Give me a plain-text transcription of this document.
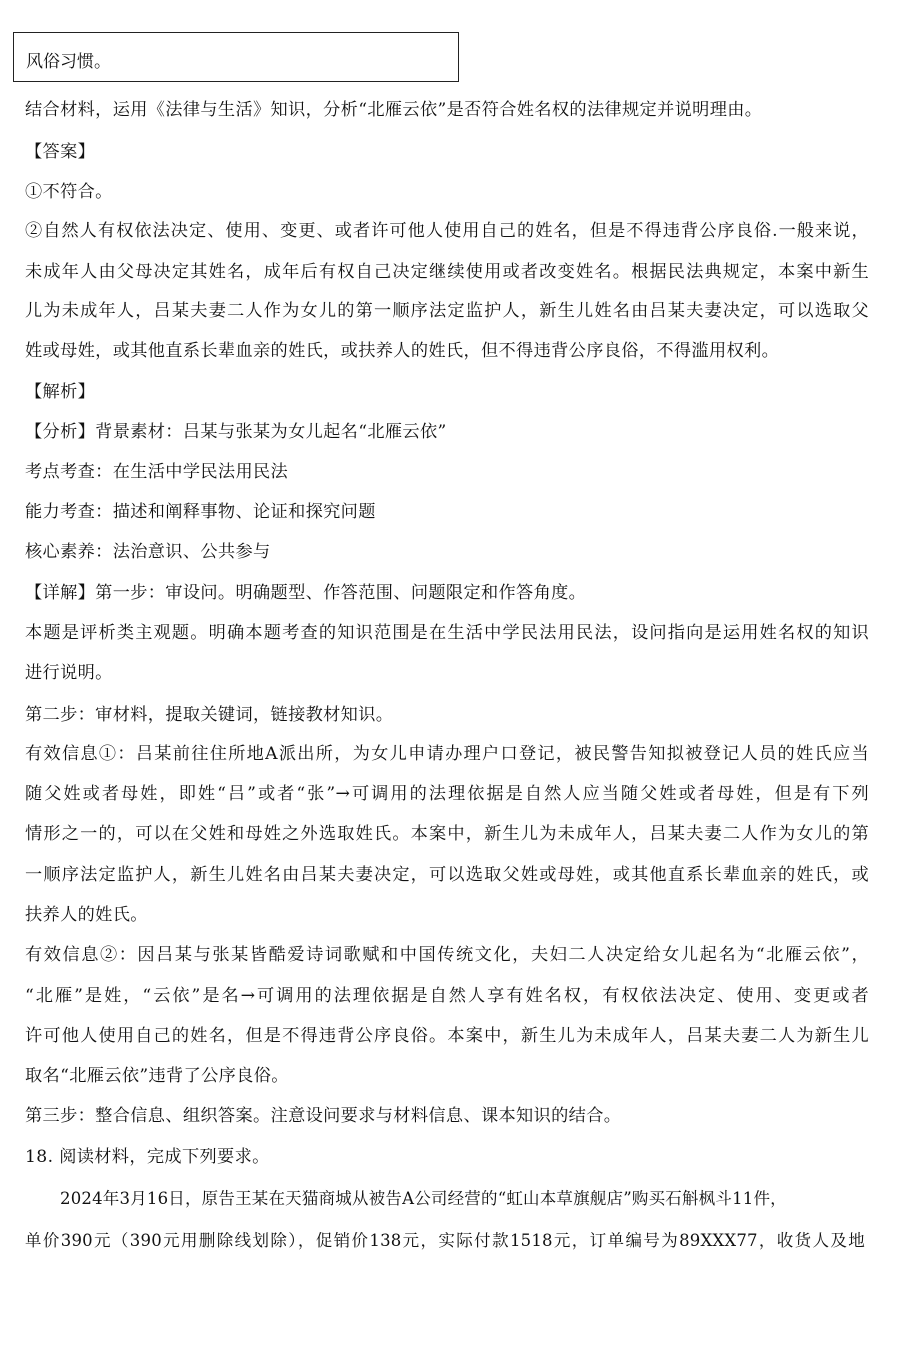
风俗习惯。
结合材料，运用《法律与生活》知识，分析“北雁云依”是否符合姓名权的法律规定并说明理由。
【答案】
①不符合。
②自然人有权依法决定、使用、变更、或者许可他人使用自己的姓名，但是不得违背公序良俗.一般来说，
未成年人由父母决定其姓名，成年后有权自己决定继续使用或者改变姓名。根据民法典规定，本案中新生
儿为未成年人，吕某夫妻二人作为女儿的第一顺序法定监护人，新生儿姓名由吕某夫妻决定，可以选取父
姓或母姓，或其他直系长辈血亲的姓氏，或扶养人的姓氏，但不得违背公序良俗，不得滥用权利。
【解析】
【分析】背景素材：吕某与张某为女儿起名“北雁云依”
考点考查：在生活中学民法用民法
能力考查：描述和阐释事物、论证和探究问题
核心素养：法治意识、公共参与
【详解】第一步：审设问。明确题型、作答范围、问题限定和作答角度。
本题是评析类主观题。明确本题考查的知识范围是在生活中学民法用民法，设问指向是运用姓名权的知识
进行说明。
第二步：审材料，提取关键词，链接教材知识。
有效信息①：吕某前往住所地A派出所，为女儿申请办理户口登记，被民警告知拟被登记人员的姓氏应当
随父姓或者母姓，即姓“吕”或者“张”→可调用的法理依据是自然人应当随父姓或者母姓，但是有下列
情形之一的，可以在父姓和母姓之外选取姓氏。本案中，新生儿为未成年人，吕某夫妻二人作为女儿的第
一顺序法定监护人，新生儿姓名由吕某夫妻决定，可以选取父姓或母姓，或其他直系长辈血亲的姓氏，或
扶养人的姓氏。
有效信息②：因吕某与张某皆酷爱诗词歌赋和中国传统文化，夫妇二人决定给女儿起名为“北雁云依”，
“北雁”是姓，“云依”是名→可调用的法理依据是自然人享有姓名权，有权依法决定、使用、变更或者
许可他人使用自己的姓名，但是不得违背公序良俗。本案中，新生儿为未成年人，吕某夫妻二人为新生儿
取名“北雁云依”违背了公序良俗。
第三步：整合信息、组织答案。注意设问要求与材料信息、课本知识的结合。
18. 阅读材料，完成下列要求。
2024年3月16日，原告王某在天猫商城从被告A公司经营的“虹山本草旗舰店”购买石斛枫斗11件，
单价390元（390元用删除线划除），促销价138元，实际付款1518元，订单编号为89XXX77，收货人及地
